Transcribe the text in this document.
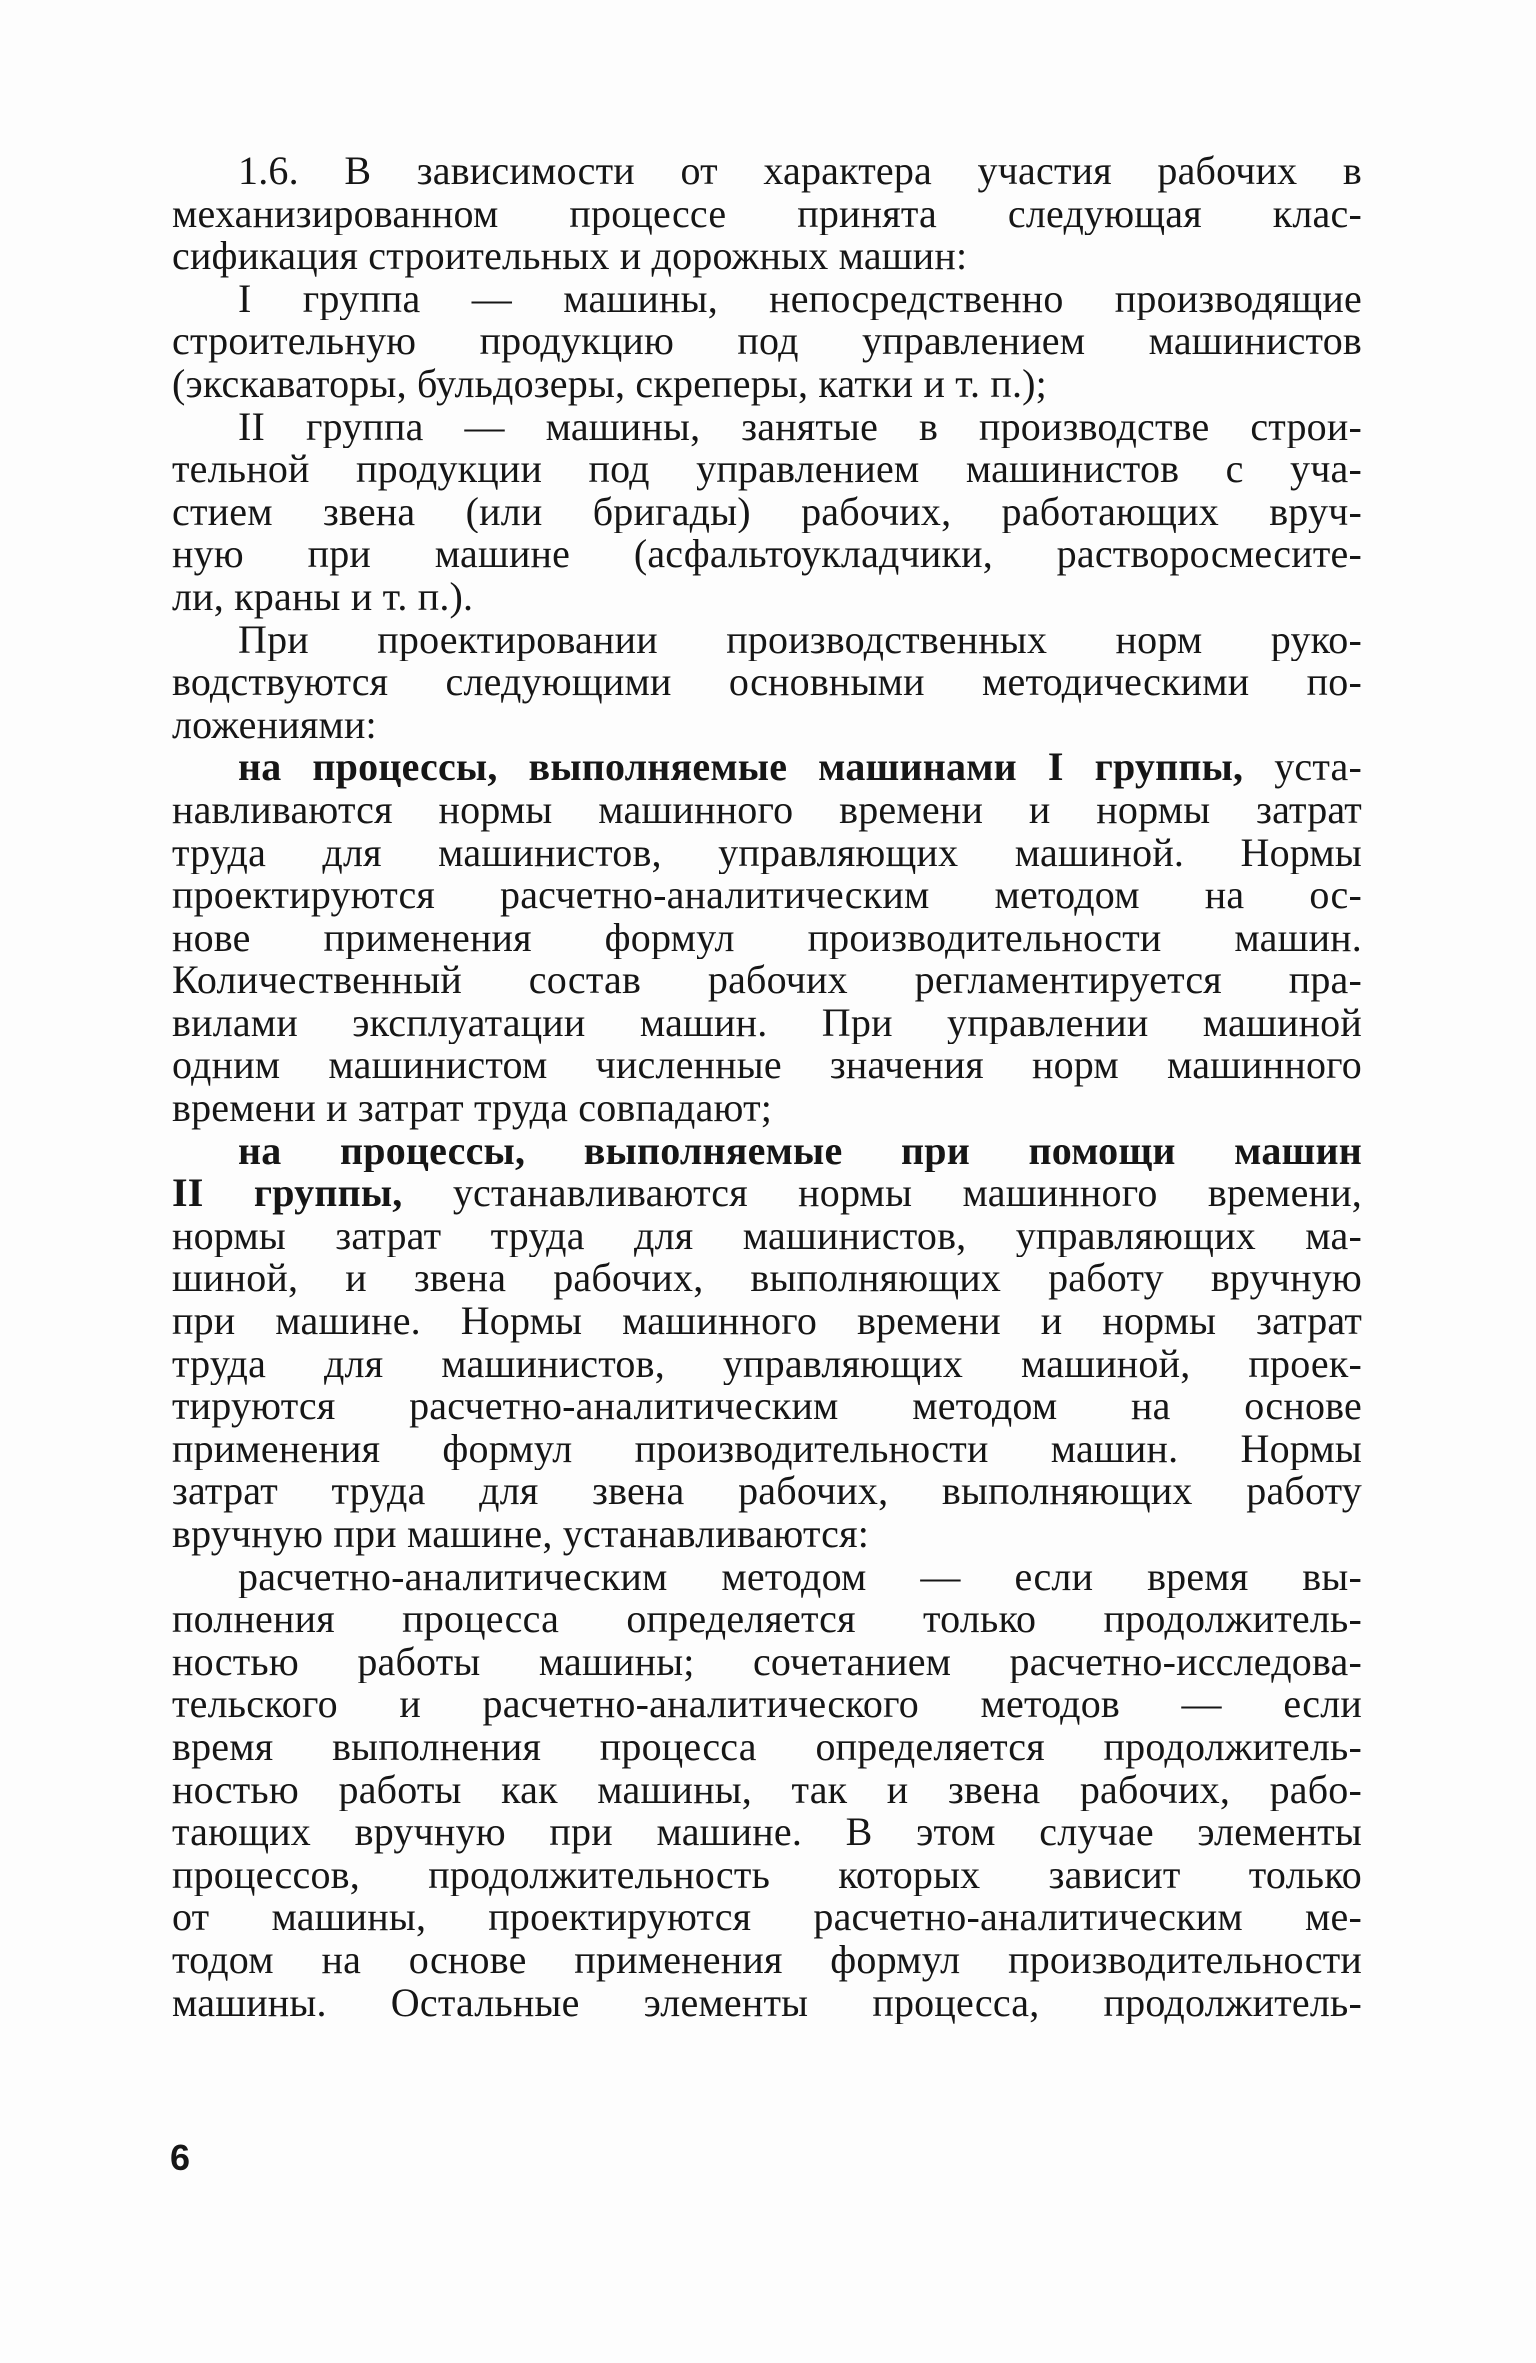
1.6. В зависимости от характера участия рабочих в
механизированном процессе принята следующая клас-
сификация строительных и дорожных машин:
I группа — машины, непосредственно производящие
строительную продукцию под управлением машинистов
(экскаваторы, бульдозеры, скреперы, катки и т. п.);
II группа — машины, занятые в производстве строи-
тельной продукции под управлением машинистов с уча-
стием звена (или бригады) рабочих, работающих вруч-
ную при машине (асфальтоукладчики, растворосмесите-
ли, краны и т. п.).
При проектировании производственных норм руко-
водствуются следующими основными методическими по-
ложениями:
на процессы, выполняемые машинами I группы, уста-
навливаются нормы машинного времени и нормы затрат
труда для машинистов, управляющих машиной. Нормы
проектируются расчетно-аналитическим методом на ос-
нове применения формул производительности машин.
Количественный состав рабочих регламентируется пра-
вилами эксплуатации машин. При управлении машиной
одним машинистом численные значения норм машинного
времени и затрат труда совпадают;
на процессы, выполняемые при помощи машин
II группы, устанавливаются нормы машинного времени,
нормы затрат труда для машинистов, управляющих ма-
шиной, и звена рабочих, выполняющих работу вручную
при машине. Нормы машинного времени и нормы затрат
труда для машинистов, управляющих машиной, проек-
тируются расчетно-аналитическим методом на основе
применения формул производительности машин. Нормы
затрат труда для звена рабочих, выполняющих работу
вручную при машине, устанавливаются:
расчетно-аналитическим методом — если время вы-
полнения процесса определяется только продолжитель-
ностью работы машины; сочетанием расчетно-исследова-
тельского и расчетно-аналитического методов — если
время выполнения процесса определяется продолжитель-
ностью работы как машины, так и звена рабочих, рабо-
тающих вручную при машине. В этом случае элементы
процессов, продолжительность которых зависит только
от машины, проектируются расчетно-аналитическим ме-
тодом на основе применения формул производительности
машины. Остальные элементы процесса, продолжитель-
6
